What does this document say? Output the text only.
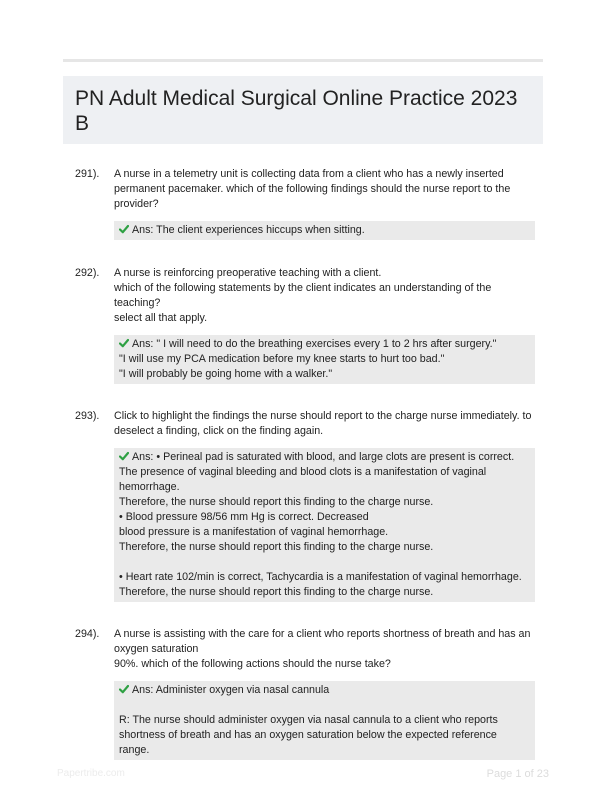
PN Adult Medical Surgical Online Practice 2023 B
291).	A nurse in a telemetry unit is collecting data from a client who has a newly inserted
permanent pacemaker. which of the following findings should the nurse report to the
provider?
Ans: The client experiences hiccups when sitting.
292).	A nurse is reinforcing preoperative teaching with a client.
which of the following statements by the client indicates an understanding of the
teaching?
select all that apply.
Ans: " I will need to do the breathing exercises every 1 to 2 hrs after surgery."
"I will use my PCA medication before my knee starts to hurt too bad."
"I will probably be going home with a walker."
293).	Click to highlight the findings the nurse should report to the charge nurse immediately. to
deselect a finding, click on the finding again.
Ans: • Perineal pad is saturated with blood, and large clots are present is correct.
The presence of vaginal bleeding and blood clots is a manifestation of vaginal
hemorrhage.
Therefore, the nurse should report this finding to the charge nurse.
• Blood pressure 98/56 mm Hg is correct. Decreased
blood pressure is a manifestation of vaginal hemorrhage.
Therefore, the nurse should report this finding to the charge nurse.
• Heart rate 102/min is correct, Tachycardia is a manifestation of vaginal hemorrhage.
Therefore, the nurse should report this finding to the charge nurse.
294).	A nurse is assisting with the care for a client who reports shortness of breath and has an
oxygen saturation
90%. which of the following actions should the nurse take?
Ans: Administer oxygen via nasal cannula
R: The nurse should administer oxygen via nasal cannula to a client who reports
shortness of breath and has an oxygen saturation below the expected reference range.
Papertribe.com	Page 1 of 23
